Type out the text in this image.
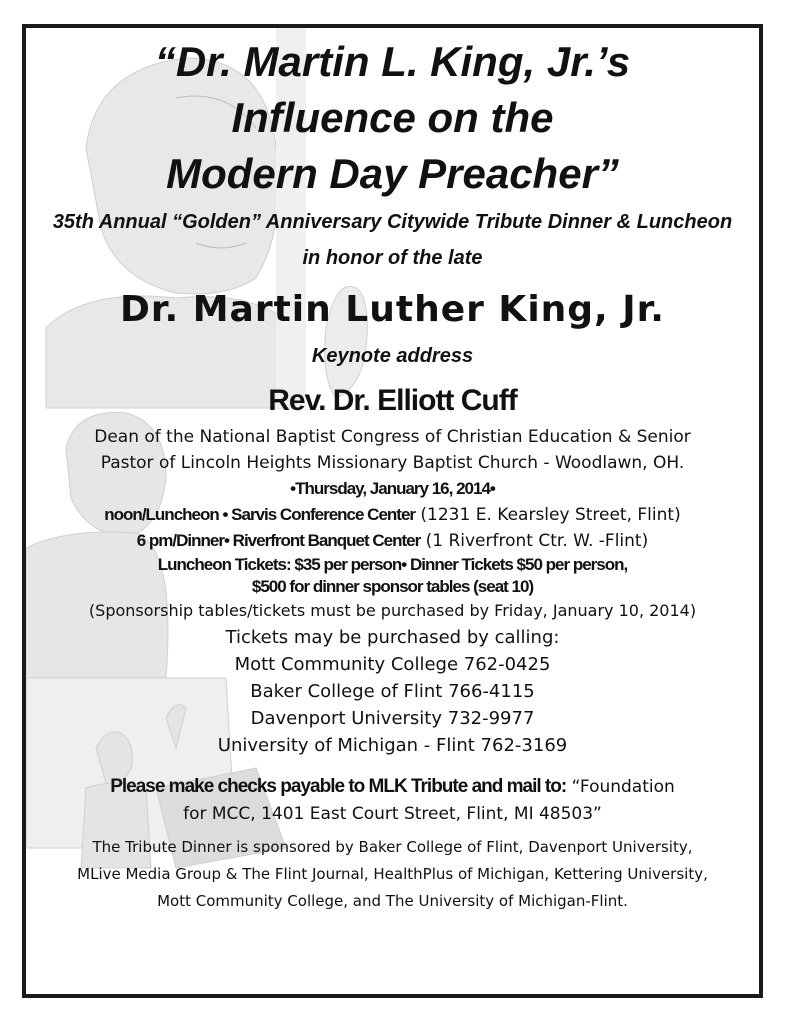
“Dr. Martin L. King, Jr.’s

Influence on the

Modern Day Preacher”

35th Annual “Golden” Anniversary Citywide Tribute Dinner & Luncheon

in honor of the late

Dr. Martin Luther King, Jr.

Keynote address

Rev. Dr. Elliott Cuff

Dean of the National Baptist Congress of Christian Education & Senior

Pastor of Lincoln Heights Missionary Baptist Church - Woodlawn, OH.

•Thursday, January 16, 2014•

noon/Luncheon • Sarvis Conference Center (1231 E. Kearsley Street, Flint)

6 pm/Dinner• Riverfront Banquet Center (1 Riverfront Ctr. W. -Flint)

Luncheon Tickets: $35 per person• Dinner Tickets $50 per person,

$500 for dinner sponsor tables (seat 10)

(Sponsorship tables/tickets must be purchased by Friday, January 10, 2014)

Tickets may be purchased by calling:

Mott Community College 762-0425

Baker College of Flint 766-4115

Davenport University 732-9977

University of Michigan - Flint 762-3169

Please make checks payable to MLK Tribute and mail to: “Foundation

for MCC, 1401 East Court Street, Flint, MI 48503”

The Tribute Dinner is sponsored by Baker College of Flint, Davenport University,

MLive Media Group & The Flint Journal, HealthPlus of Michigan, Kettering University,

Mott Community College, and The University of Michigan-Flint.
